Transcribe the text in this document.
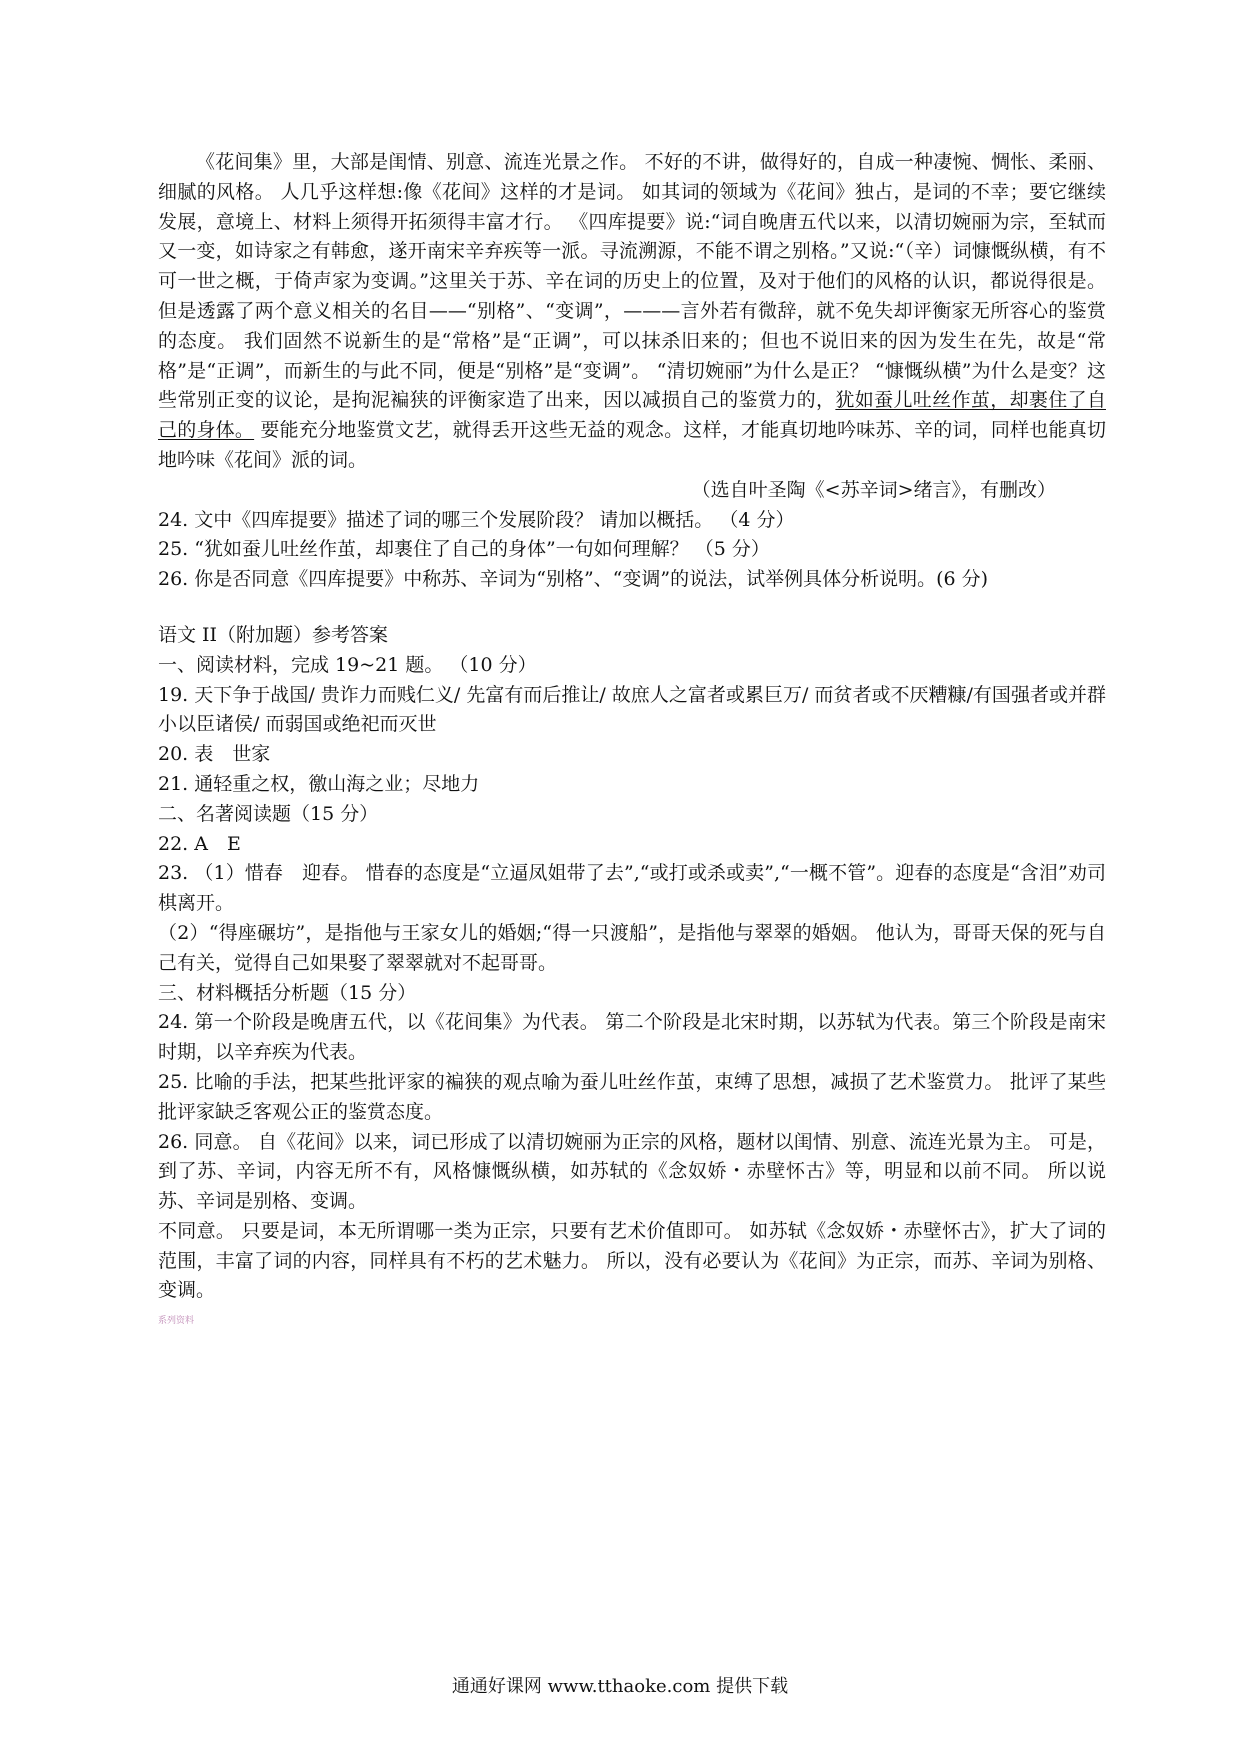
《花间集》里，大部是闺情、别意、流连光景之作。 不好的不讲，做得好的，自成一种凄惋、惆怅、柔丽、细腻的风格。 人几乎这样想:像《花间》这样的才是词。 如其词的领域为《花间》独占，是词的不幸；要它继续发展，意境上、材料上须得开拓须得丰富才行。 《四库提要》说:“词自晚唐五代以来，以清切婉丽为宗，至轼而又一变，如诗家之有韩愈，遂开南宋辛弃疾等一派。寻流溯源，不能不谓之别格。”又说:“（辛）词慷慨纵横，有不可一世之概，于倚声家为变调。”这里关于苏、辛在词的历史上的位置，及对于他们的风格的认识，都说得很是。 但是透露了两个意义相关的名目——“别格”、“变调”，———言外若有微辞，就不免失却评衡家无所容心的鉴赏的态度。 我们固然不说新生的是“常格”是“正调”，可以抹杀旧来的；但也不说旧来的因为发生在先，故是“常格”是“正调”，而新生的与此不同，便是“别格”是“变调”。 “清切婉丽”为什么是正？ “慷慨纵横”为什么是变？这些常别正变的议论，是拘泥褊狭的评衡家造了出来，因以减损自己的鉴赏力的，犹如蚕儿吐丝作茧，却裹住了自己的身体。 要能充分地鉴赏文艺，就得丢开这些无益的观念。这样，才能真切地吟味苏、辛的词，同样也能真切地吟味《花间》派的词。

（选自叶圣陶《<苏辛词>绪言》，有删改）

24. 文中《四库提要》描述了词的哪三个发展阶段？ 请加以概括。 （4 分）

25. “犹如蚕儿吐丝作茧，却裹住了自己的身体”一句如何理解？ （5 分）

26. 你是否同意《四库提要》中称苏、辛词为“别格”、“变调”的说法，试举例具体分析说明。(6 分)

语文 II（附加题）参考答案

一、阅读材料，完成 19~21 题。 （10 分）

19. 天下争于战国/ 贵诈力而贱仁义/ 先富有而后推让/ 故庶人之富者或累巨万/ 而贫者或不厌糟糠/有国强者或并群小以臣诸侯/ 而弱国或绝祀而灭世

20. 表　世家

21. 通轻重之权，徼山海之业；尽地力

二、名著阅读题（15 分）

22. A　E

23. （1）惜春　迎春。 惜春的态度是“立逼凤姐带了去”,“或打或杀或卖”,“一概不管”。迎春的态度是“含泪”劝司棋离开。

（2）“得座碾坊”，是指他与王家女儿的婚姻;“得一只渡船”，是指他与翠翠的婚姻。 他认为，哥哥天保的死与自己有关，觉得自己如果娶了翠翠就对不起哥哥。

三、材料概括分析题（15 分）

24. 第一个阶段是晚唐五代，以《花间集》为代表。 第二个阶段是北宋时期，以苏轼为代表。第三个阶段是南宋时期，以辛弃疾为代表。

25. 比喻的手法，把某些批评家的褊狭的观点喻为蚕儿吐丝作茧，束缚了思想，减损了艺术鉴赏力。 批评了某些批评家缺乏客观公正的鉴赏态度。

26. 同意。 自《花间》以来，词已形成了以清切婉丽为正宗的风格，题材以闺情、别意、流连光景为主。 可是，到了苏、辛词，内容无所不有，风格慷慨纵横，如苏轼的《念奴娇・赤壁怀古》等，明显和以前不同。 所以说苏、辛词是别格、变调。

不同意。 只要是词，本无所谓哪一类为正宗，只要有艺术价值即可。 如苏轼《念奴娇・赤壁怀古》，扩大了词的范围，丰富了词的内容，同样具有不朽的艺术魅力。 所以，没有必要认为《花间》为正宗，而苏、辛词为别格、变调。

系列资料
通通好课网 www.tthaoke.com 提供下载
